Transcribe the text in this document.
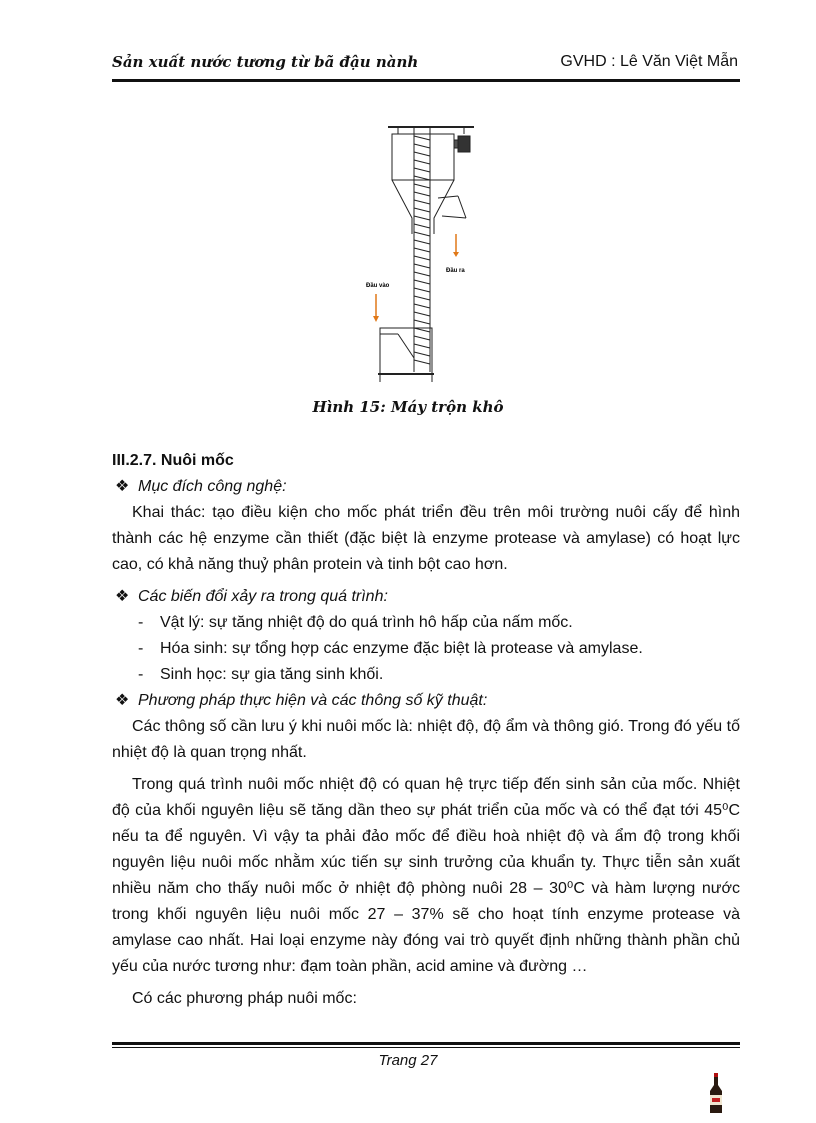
Sản xuất nước tương từ bã đậu nành	GVHD : Lê Văn Việt Mẫn
Đầu ra
Đầu vào
Hình 15: Máy trộn khô

III.2.7. Nuôi mốc

❖ Mục đích công nghệ:

Khai thác: tạo điều kiện cho mốc phát triển đều trên môi trường nuôi cấy để hình thành các hệ enzyme cần thiết (đặc biệt là enzyme protease và amylase) có hoạt lực cao, có khả năng thuỷ phân protein và tinh bột cao hơn.

❖ Các biến đổi xảy ra trong quá trình:

- Vật lý: sự tăng nhiệt độ do quá trình hô hấp của nấm mốc.

- Hóa sinh: sự tổng hợp các enzyme đặc biệt là protease và amylase.

- Sinh học: sự gia tăng sinh khối.

❖ Phương pháp thực hiện và các thông số kỹ thuật:

Các thông số cần lưu ý khi nuôi mốc là: nhiệt độ, độ ẩm và thông gió. Trong đó yếu tố nhiệt độ là quan trọng nhất.

Trong quá trình nuôi mốc nhiệt độ có quan hệ trực tiếp đến sinh sản của mốc. Nhiệt độ của khối nguyên liệu sẽ tăng dần theo sự phát triển của mốc và có thể đạt tới 45⁰C nếu ta để nguyên. Vì vậy ta phải đảo mốc để điều hoà nhiệt độ và ẩm độ trong khối nguyên liệu nuôi mốc nhằm xúc tiến sự sinh trưởng của khuẩn ty. Thực tiễn sản xuất nhiều năm cho thấy nuôi mốc ở nhiệt độ phòng nuôi 28 – 30⁰C và hàm lượng nước trong khối nguyên liệu nuôi mốc 27 – 37% sẽ cho hoạt tính enzyme protease và amylase cao nhất. Hai loại enzyme này đóng vai trò quyết định những thành phần chủ yếu của nước tương như: đạm toàn phần, acid amine và đường …

Có các phương pháp nuôi mốc:

Trang 27
